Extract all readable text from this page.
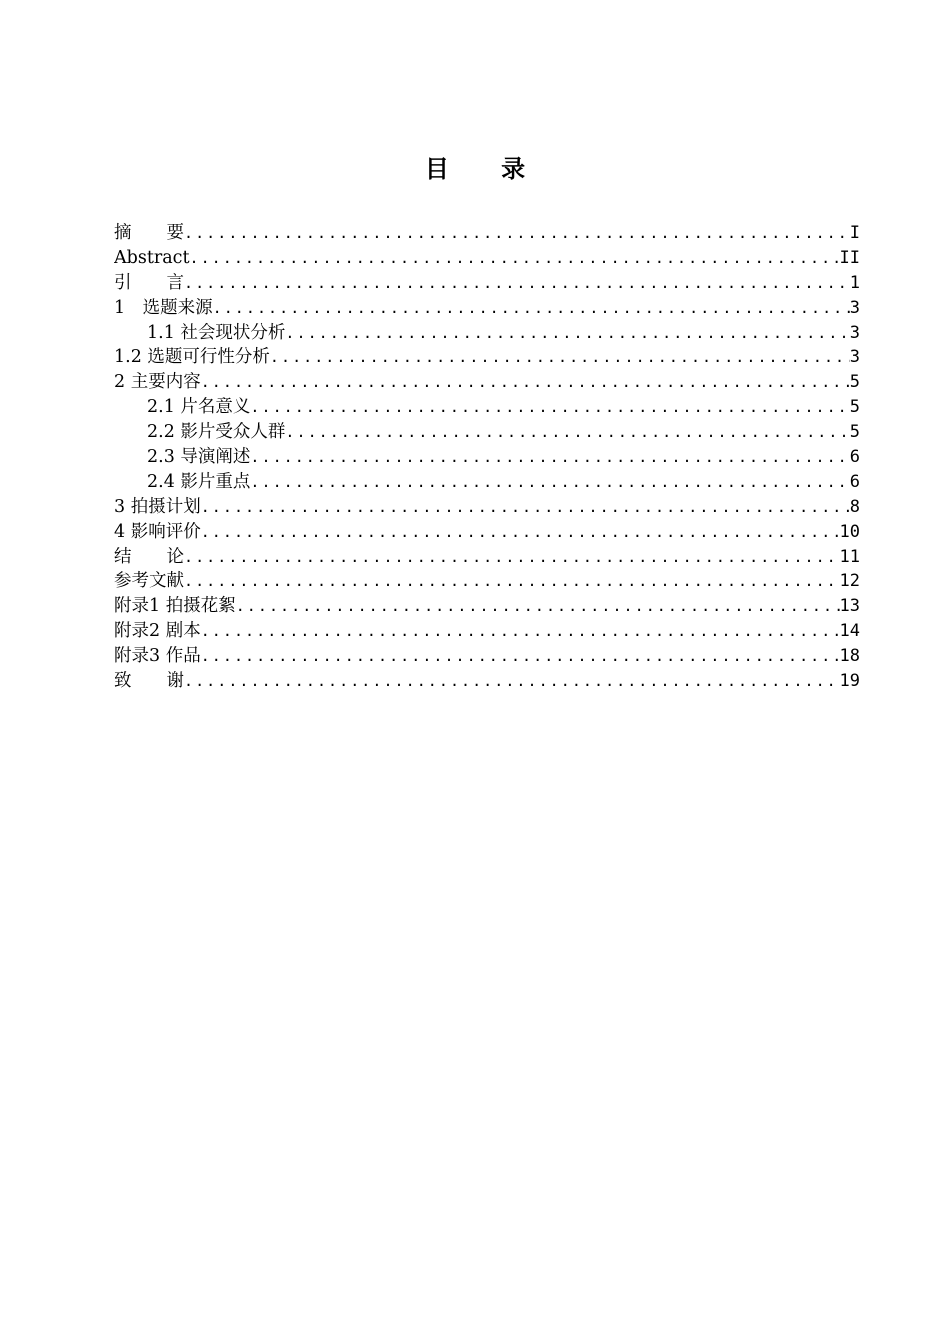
目 录
摘　　要 .....	I
Abstract .....	II
引　　言 .....	1
1　选题来源 .....	3
1.1 社会现状分析 .....	3
1.2 选题可行性分析 .....	3
2 主要内容 .....	5
2.1 片名意义 .....	5
2.2 影片受众人群 .....	5
2.3 导演阐述 .....	6
2.4 影片重点 .....	6
3 拍摄计划 .....	8
4 影响评价 .....	10
结　　论 .....	11
参考文献 .....	12
附录1 拍摄花絮 .....	13
附录2 剧本 .....	14
附录3 作品 .....	18
致　　谢 .....	19
